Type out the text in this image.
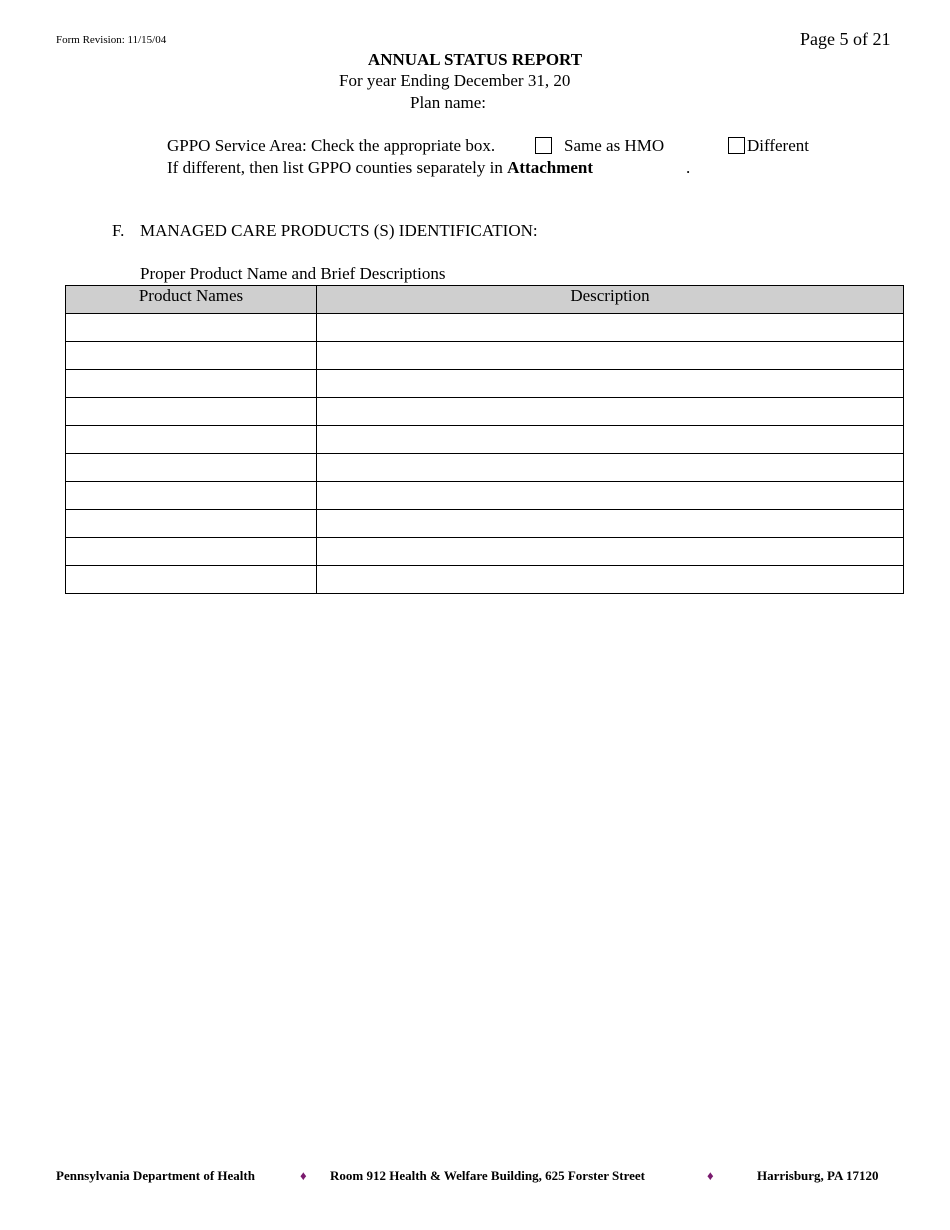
Form Revision: 11/15/04	Page 5 of 21
ANNUAL STATUS REPORT
For year Ending December 31, 20
Plan name:
GPPO Service Area: Check the appropriate box.	Same as HMO	Different
If different, then list GPPO counties separately in Attachment	.
F. MANAGED CARE PRODUCTS (S) IDENTIFICATION:
Proper Product Name and Brief Descriptions
Product Names	Description

Pennsylvania Department of Health	♦ Room 912 Health & Welfare Building, 625 Forster Street	♦	Harrisburg, PA 17120
